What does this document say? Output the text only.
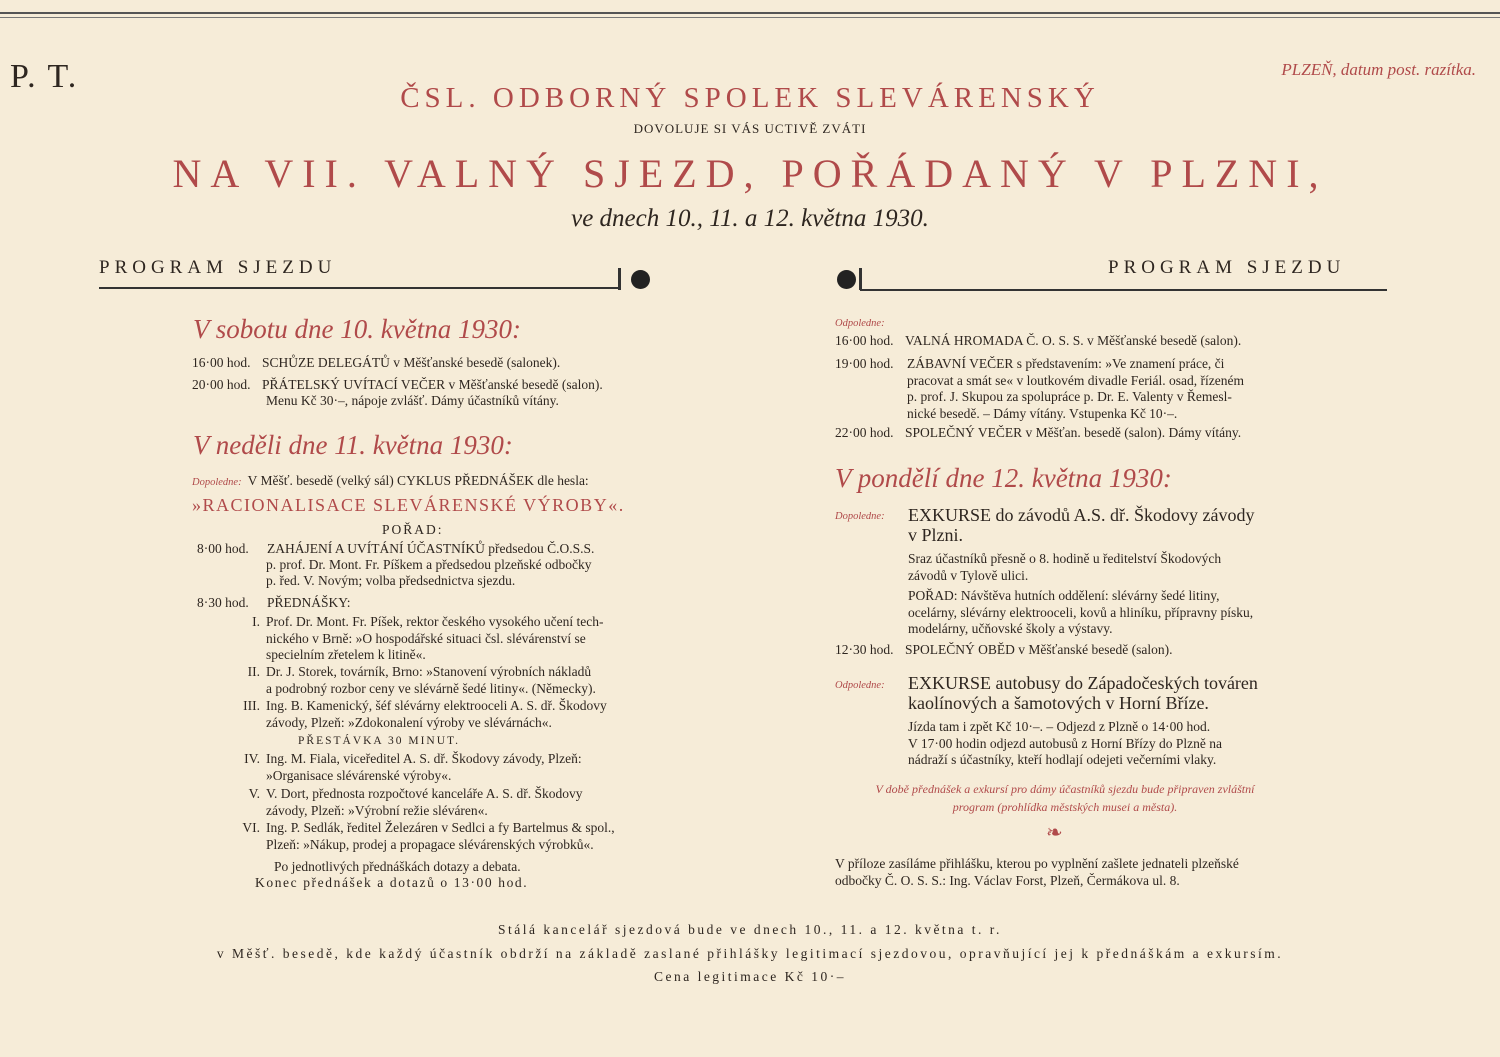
P. T.	PLZEŇ, datum post. razítka.
ČSL. ODBORNÝ SPOLEK SLEVÁRENSKÝ
DOVOLUJE SI VÁS UCTIVĚ ZVÁTI
NA VII. VALNÝ SJEZD, POŘÁDANÝ V PLZNI,
ve dnech 10., 11. a 12. května 1930.
PROGRAM SJEZDU	PROGRAM SJEZDU
V sobotu dne 10. května 1930:
16·00 hod. SCHŮZE DELEGÁTŮ v Měšťanské besedě (salonek).
20·00 hod. PŘÁTELSKÝ UVÍTACÍ VEČER v Měšťanské besedě (salon).
Menu Kč 30·–, nápoje zvlášť. Dámy účastníků vítány.
V neděli dne 11. května 1930:
Dopoledne: V Měšť. besedě (velký sál) CYKLUS PŘEDNÁŠEK dle hesla:
»RACIONALISACE SLEVÁRENSKÉ VÝROBY«.
POŘAD:
8·00 hod. ZAHÁJENÍ A UVÍTÁNÍ ÚČASTNÍKŮ předsedou Č.O.S.S.
p. prof. Dr. Mont. Fr. Píškem a předsedou plzeňské odbočky
p. řed. V. Novým; volba předsednictva sjezdu.
8·30 hod. PŘEDNÁŠKY:
I. Prof. Dr. Mont. Fr. Píšek, rektor českého vysokého učení tech-
nického v Brně: »O hospodářské situaci čsl. slévárenství se
specielním zřetelem k litině«.
II. Dr. J. Storek, továrník, Brno: »Stanovení výrobních nákladů
a podrobný rozbor ceny ve slévárně šedé litiny«. (Německy).
III. Ing. B. Kamenický, šéf slévárny elektrooceli A. S. dř. Škodovy
závody, Plzeň: »Zdokonalení výroby ve slévárnách«.
PŘESTÁVKA 30 MINUT.
IV. Ing. M. Fiala, viceředitel A. S. dř. Škodovy závody, Plzeň:
»Organisace slévárenské výroby«.
V. V. Dort, přednosta rozpočtové kanceláře A. S. dř. Škodovy
závody, Plzeň: »Výrobní režie sléváren«.
VI. Ing. P. Sedlák, ředitel Železáren v Sedlci a fy Bartelmus & spol.,
Plzeň: »Nákup, prodej a propagace slévárenských výrobků«.
Po jednotlivých přednáškách dotazy a debata.
Konec přednášek a dotazů o 13·00 hod.
Odpoledne:
16·00 hod. VALNÁ HROMADA Č. O. S. S. v Měšťanské besedě (salon).
19·00 hod. ZÁBAVNÍ VEČER s představením: »Ve znamení práce, či
pracovat a smát se« v loutkovém divadle Feriál. osad, řízeném
p. prof. J. Skupou za spolupráce p. Dr. E. Valenty v Řemesl-
nické besedě. – Dámy vítány. Vstupenka Kč 10·–.
22·00 hod. SPOLEČNÝ VEČER v Měšťan. besedě (salon). Dámy vítány.
V pondělí dne 12. května 1930:
Dopoledne: EXKURSE do závodů A.S. dř. Škodovy závody
v Plzni.
Sraz účastníků přesně o 8. hodině u ředitelství Škodových
závodů v Tylově ulici.
POŘAD: Návštěva hutních oddělení: slévárny šedé litiny,
ocelárny, slévárny elektrooceli, kovů a hliníku, přípravny písku,
modelárny, učňovské školy a výstavy.
12·30 hod. SPOLEČNÝ OBĚD v Měšťanské besedě (salon).
Odpoledne: EXKURSE autobusy do Západočeských továren
kaolínových a šamotových v Horní Bříze.
Jízda tam i zpět Kč 10·–. – Odjezd z Plzně o 14·00 hod.
V 17·00 hodin odjezd autobusů z Horní Břízy do Plzně na
nádraží s účastníky, kteří hodlají odejeti večerními vlaky.
V době přednášek a exkursí pro dámy účastníků sjezdu bude připraven zvláštní
program (prohlídka městských musei a města).
❧
V příloze zasíláme přihlášku, kterou po vyplnění zašlete jednateli plzeňské
odbočky Č. O. S. S.: Ing. Václav Forst, Plzeň, Čermákova ul. 8.
Stálá kancelář sjezdová bude ve dnech 10., 11. a 12. května t. r.
v Měšť. besedě, kde každý účastník obdrží na základě zaslané přihlášky legitimací sjezdovou, opravňující jej k přednáškám a exkursím.
Cena legitimace Kč 10·–
